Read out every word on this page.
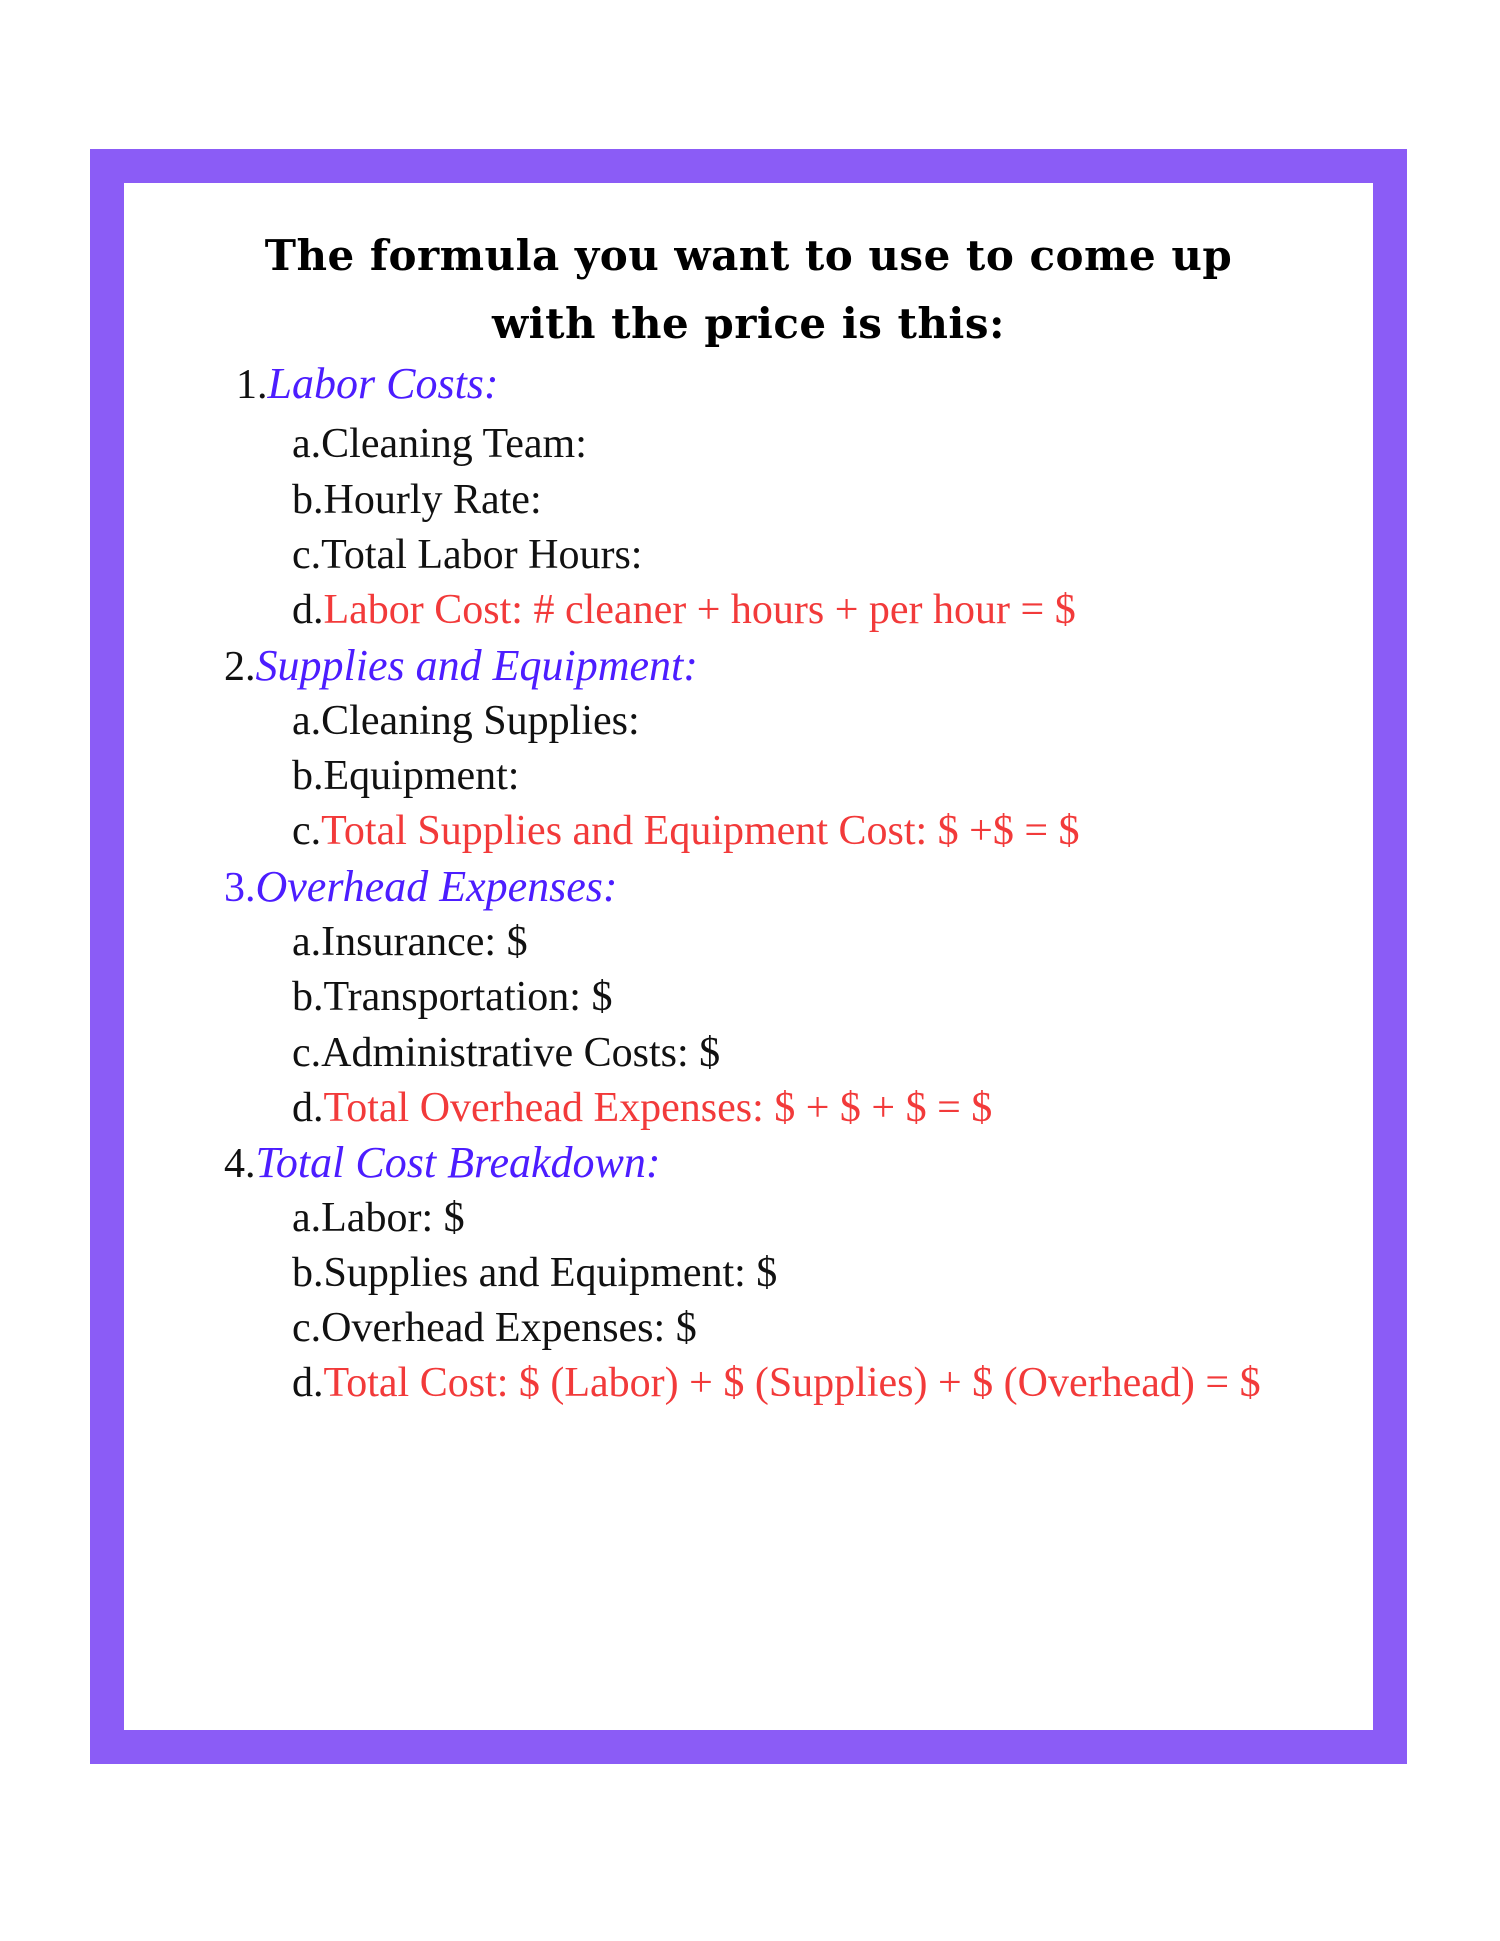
The formula you want to use to come up
with the price is this:
1.Labor Costs:
a.Cleaning Team:
b.Hourly Rate:
c.Total Labor Hours:
d.Labor Cost: # cleaner + hours + per hour = $
2.Supplies and Equipment:
a.Cleaning Supplies:
b.Equipment:
c.Total Supplies and Equipment Cost: $ +$ = $
3.Overhead Expenses:
a.Insurance: $
b.Transportation: $
c.Administrative Costs: $
d.Total Overhead Expenses: $ + $ + $ = $
4.Total Cost Breakdown:
a.Labor: $
b.Supplies and Equipment: $
c.Overhead Expenses: $
d.Total Cost: $ (Labor) + $ (Supplies) + $ (Overhead) = $
